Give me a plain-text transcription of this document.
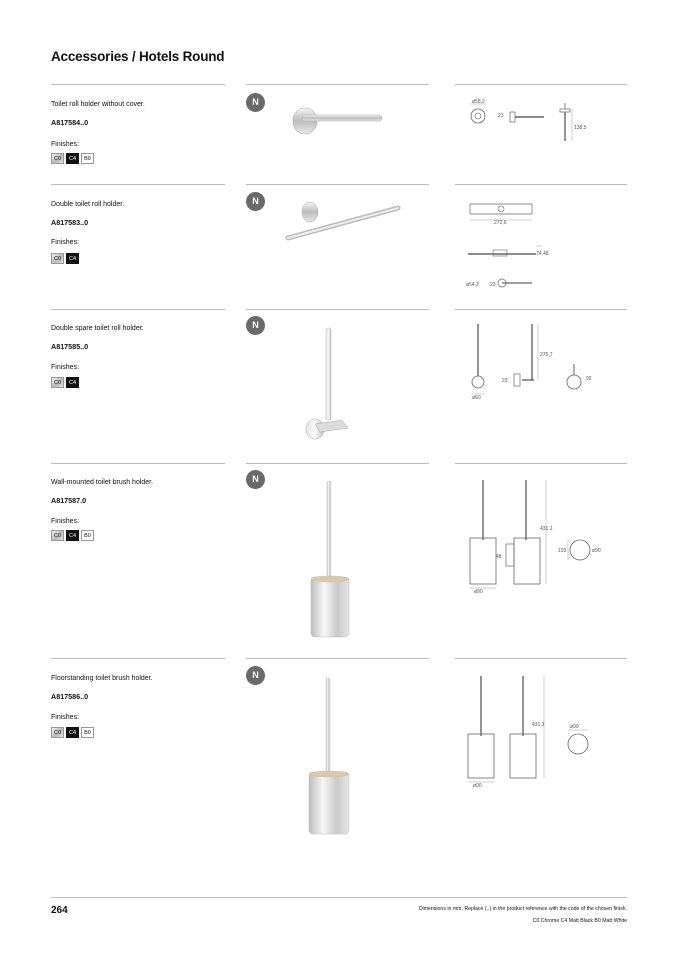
Accessories / Hotels Round
Toilet roll holder without cover.
A817584..0
Finishes:
C0	C4	B0
N	ø58,2
23
138,5
Double toilet roll holder.
A817583..0
Finishes:
C0	C4
N
272,6
74,48
ø54,2 23
Double spare toilet roll holder.
A817585..0
Finishes:
C0	C4
N
ø60
275,7
23	92
Wall-mounted toilet brush holder.
A817587.0
Finishes:
C0	C4	B0
N
ø90
48
431,1
103	ø90
Floorstanding toilet brush holder.
A817586..0
Finishes:
C0	C4	B0
N
ø90
431,1	ø90
264	Dimensions in mm. Replace (..) in the product reference with the code of the chosen finish.
C0 Chrome C4 Matt Black B0 Matt White
